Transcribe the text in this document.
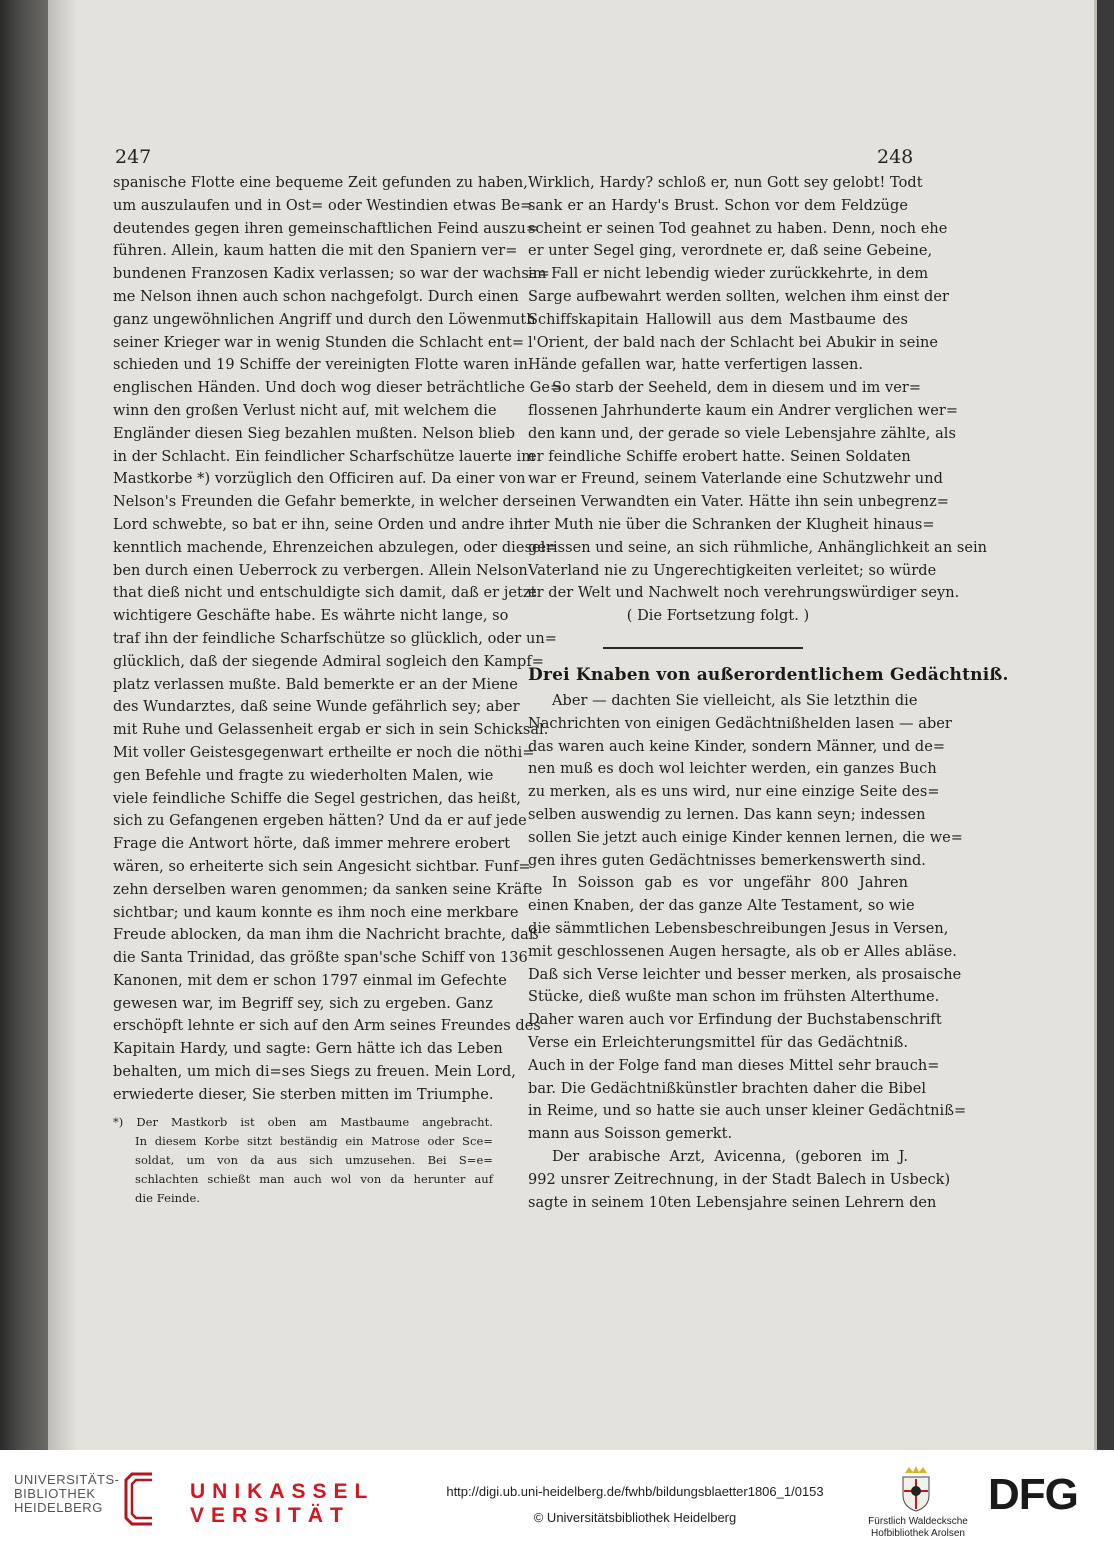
247	248
spanische Flotte eine bequeme Zeit gefunden zu haben,
um auszulaufen und in Ost= oder Westindien etwas Be=
deutendes gegen ihren gemeinschaftlichen Feind auszu=
führen. Allein, kaum hatten die mit den Spaniern ver=
bundenen Franzosen Kadix verlassen; so war der wachsa=
me Nelson ihnen auch schon nachgefolgt. Durch einen
ganz ungewöhnlichen Angriff und durch den Löwenmuth
seiner Krieger war in wenig Stunden die Schlacht ent=
schieden und 19 Schiffe der vereinigten Flotte waren in
englischen Händen. Und doch wog dieser beträchtliche Ge=
winn den großen Verlust nicht auf, mit welchem die
Engländer diesen Sieg bezahlen mußten. Nelson blieb
in der Schlacht. Ein feindlicher Scharfschütze lauerte im
Mastkorbe *) vorzüglich den Officiren auf. Da einer von
Nelson's Freunden die Gefahr bemerkte, in welcher der
Lord schwebte, so bat er ihn, seine Orden und andre ihn
kenntlich machende, Ehrenzeichen abzulegen, oder diesel=
ben durch einen Ueberrock zu verbergen. Allein Nelson
that dieß nicht und entschuldigte sich damit, daß er jetzt
wichtigere Geschäfte habe. Es währte nicht lange, so
traf ihn der feindliche Scharfschütze so glücklich, oder un=
glücklich, daß der siegende Admiral sogleich den Kampf=
platz verlassen mußte. Bald bemerkte er an der Miene
des Wundarztes, daß seine Wunde gefährlich sey; aber
mit Ruhe und Gelassenheit ergab er sich in sein Schicksal.
Mit voller Geistesgegenwart ertheilte er noch die nöthi=
gen Befehle und fragte zu wiederholten Malen, wie
viele feindliche Schiffe die Segel gestrichen, das heißt,
sich zu Gefangenen ergeben hätten? Und da er auf jede
Frage die Antwort hörte, daß immer mehrere erobert
wären, so erheiterte sich sein Angesicht sichtbar. Funf=
zehn derselben waren genommen; da sanken seine Kräfte
sichtbar; und kaum konnte es ihm noch eine merkbare
Freude ablocken, da man ihm die Nachricht brachte, daß
die Santa Trinidad, das größte span'sche Schiff von 136
Kanonen, mit dem er schon 1797 einmal im Gefechte
gewesen war, im Begriff sey, sich zu ergeben. Ganz
erschöpft lehnte er sich auf den Arm seines Freundes des
Kapitain Hardy, und sagte: Gern hätte ich das Leben
behalten, um mich di=ses Siegs zu freuen. Mein Lord,
erwiederte dieser, Sie sterben mitten im Triumphe.
*) Der Mastkorb ist oben am Mastbaume angebracht.
In diesem Korbe sitzt beständig ein Matrose oder Sce=
soldat, um von da aus sich umzusehen. Bei S=e=
schlachten schießt man auch wol von da herunter auf
die Feinde.
Wirklich, Hardy? schloß er, nun Gott sey gelobt! Todt
sank er an Hardy's Brust. Schon vor dem Feldzüge
scheint er seinen Tod geahnet zu haben. Denn, noch ehe
er unter Segel ging, verordnete er, daß seine Gebeine,
im Fall er nicht lebendig wieder zurückkehrte, in dem
Sarge aufbewahrt werden sollten, welchen ihm einst der
Schiffskapitain Hallowill aus dem Mastbaume des
l'Orient, der bald nach der Schlacht bei Abukir in seine
Hände gefallen war, hatte verfertigen lassen.
So starb der Seeheld, dem in diesem und im ver=
flossenen Jahrhunderte kaum ein Andrer verglichen wer=
den kann und, der gerade so viele Lebensjahre zählte, als
er feindliche Schiffe erobert hatte. Seinen Soldaten
war er Freund, seinem Vaterlande eine Schutzwehr und
seinen Verwandten ein Vater. Hätte ihn sein unbegrenz=
ter Muth nie über die Schranken der Klugheit hinaus=
gerissen und seine, an sich rühmliche, Anhänglichkeit an sein
Vaterland nie zu Ungerechtigkeiten verleitet; so würde
er der Welt und Nachwelt noch verehrungswürdiger seyn.
( Die Fortsetzung folgt. )
Drei Knaben von außerordentlichem Gedächtniß.
Aber — dachten Sie vielleicht, als Sie letzthin die
Nachrichten von einigen Gedächtnißhelden lasen — aber
das waren auch keine Kinder, sondern Männer, und de=
nen muß es doch wol leichter werden, ein ganzes Buch
zu merken, als es uns wird, nur eine einzige Seite des=
selben auswendig zu lernen. Das kann seyn; indessen
sollen Sie jetzt auch einige Kinder kennen lernen, die we=
gen ihres guten Gedächtnisses bemerkenswerth sind.
In Soisson gab es vor ungefähr 800 Jahren
einen Knaben, der das ganze Alte Testament, so wie
die sämmtlichen Lebensbeschreibungen Jesus in Versen,
mit geschlossenen Augen hersagte, als ob er Alles abläse.
Daß sich Verse leichter und besser merken, als prosaische
Stücke, dieß wußte man schon im frühsten Alterthume.
Daher waren auch vor Erfindung der Buchstabenschrift
Verse ein Erleichterungsmittel für das Gedächtniß.
Auch in der Folge fand man dieses Mittel sehr brauch=
bar. Die Gedächtnißkünstler brachten daher die Bibel
in Reime, und so hatte sie auch unser kleiner Gedächtniß=
mann aus Soisson gemerkt.
Der arabische Arzt, Avicenna, (geboren im J.
992 unsrer Zeitrechnung, in der Stadt Balech in Usbeck)
sagte in seinem 10ten Lebensjahre seinen Lehrern den
UNIVERSITÄTS-
BIBLIOTHEK
HEIDELBERG
UNIKASSEL
VERSITÄT
http://digi.ub.uni-heidelberg.de/fwhb/bildungsblaetter1806_1/0153
© Universitätsbibliothek Heidelberg	Fürstlich Waldecksche
Hofbibliothek Arolsen
DFG
